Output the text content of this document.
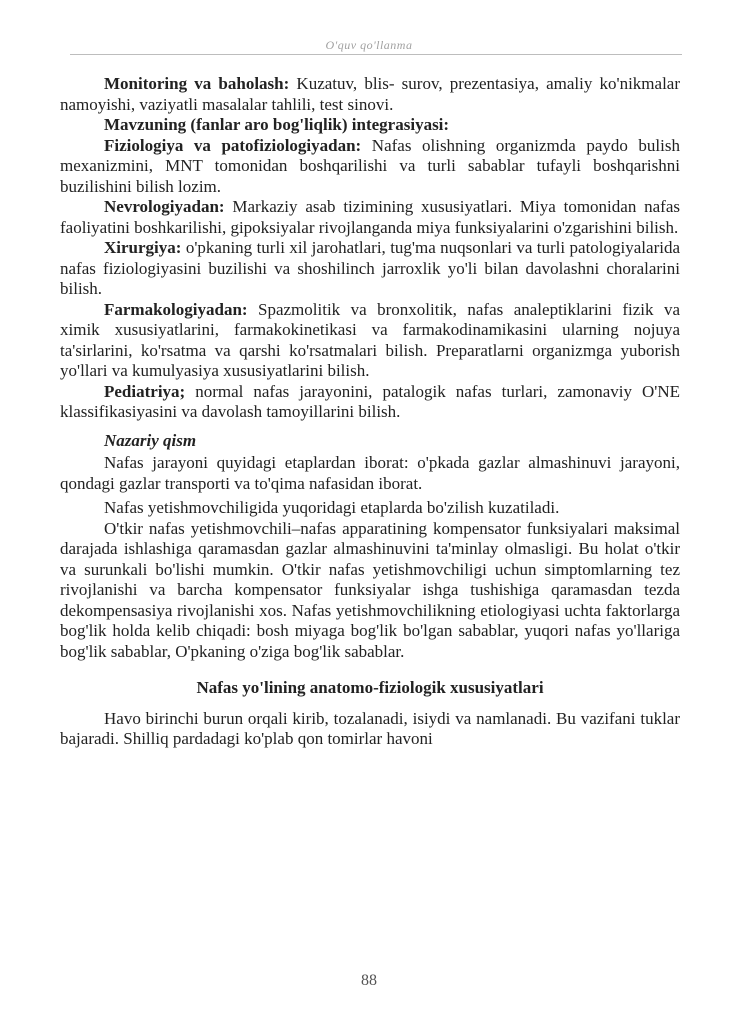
O'quv qo'llanma

Monitoring va baholash: Kuzatuv, blis- surov, prezentasiya, amaliy ko'nikmalar namoyishi, vaziyatli masalalar tahlili, test sinovi.

Mavzuning (fanlar aro bog'liqlik) integrasiyasi:

Fiziologiya va patofiziologiyadan: Nafas olishning organizmda paydo bulish mexanizmini, MNT tomonidan boshqarilishi va turli sabablar tufayli boshqarishni buzilishini bilish lozim.

Nevrologiyadan: Markaziy asab tizimining xususiyatlari. Miya tomonidan nafas faoliyatini boshkarilishi, gipoksiyalar rivojlanganda miya funksiyalarini o'zgarishini bilish.

Xirurgiya: o'pkaning turli xil jarohatlari, tug'ma nuqsonlari va turli patologiyalarida nafas fiziologiyasini buzilishi va shoshilinch jarroxlik yo'li bilan davolashni choralarini bilish.

Farmakologiyadan: Spazmolitik va bronxolitik, nafas analeptiklarini fizik va ximik xususiyatlarini, farmakokinetikasi va farmakodinamikasini ularning nojuya ta'sirlarini, ko'rsatma va qarshi ko'rsatmalari bilish. Preparatlarni organizmga yuborish yo'llari va kumulyasiya xususiyatlarini bilish.

Pediatriya; normal nafas jarayonini, patalogik nafas turlari, zamonaviy O'NE klassifikasiyasini va davolash tamoyillarini bilish.

Nazariy qism

Nafas jarayoni quyidagi etaplardan iborat: o'pkada gazlar almashinuvi jarayoni, qondagi gazlar transporti va to'qima nafasidan iborat.

Nafas yetishmovchiligida yuqoridagi etaplarda bo'zilish kuzatiladi.

O'tkir nafas yetishmovchili–nafas apparatining kompensator funksiyalari maksimal darajada ishlashiga qaramasdan gazlar almashinuvini ta'minlay olmasligi. Bu holat o'tkir va surunkali bo'lishi mumkin. O'tkir nafas yetishmovchiligi uchun simptomlarning tez rivojlanishi va barcha kompensator funksiyalar ishga tushishiga qaramasdan tezda dekompensasiya rivojlanishi xos. Nafas yetishmovchilikning etiologiyasi uchta faktorlarga bog'lik holda kelib chiqadi: bosh miyaga bog'lik bo'lgan sabablar, yuqori nafas yo'llariga bog'lik sabablar, O'pkaning o'ziga bog'lik sabablar.

Nafas yo'lining anatomo-fiziologik xususiyatlari

Havo birinchi burun orqali kirib, tozalanadi, isiydi va namlanadi. Bu vazifani tuklar bajaradi. Shilliq pardadagi ko'plab qon tomirlar havoni

88
